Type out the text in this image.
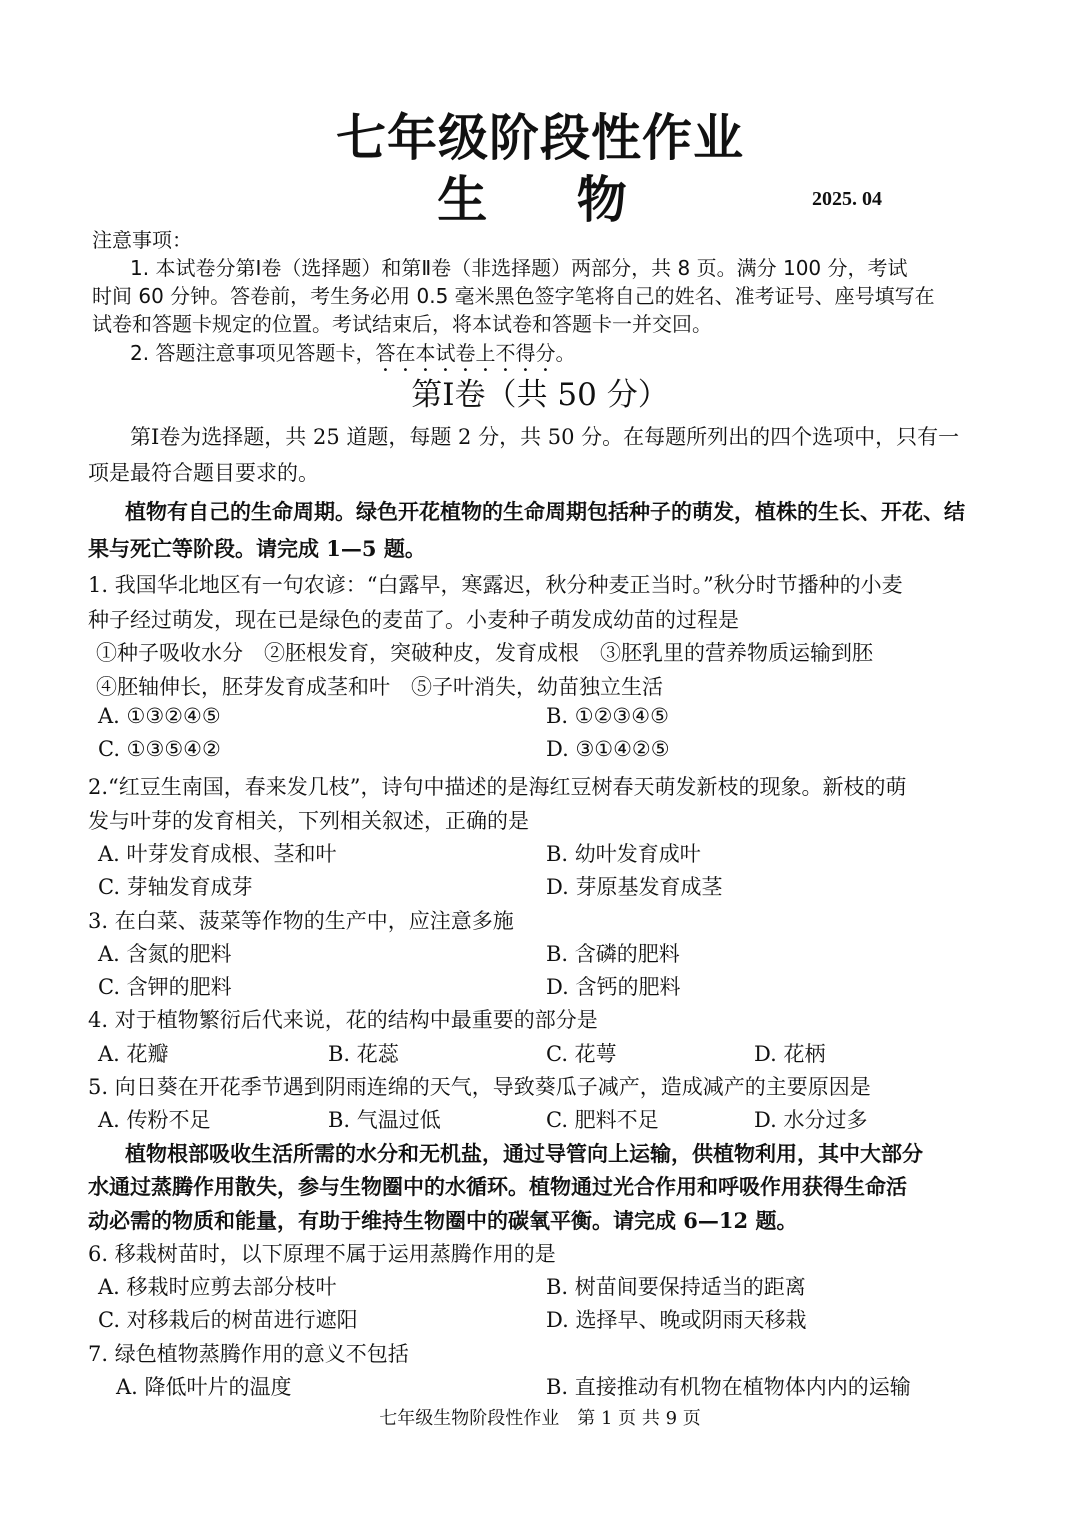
七年级阶段性作业
生 物	2025. 04
注意事项：
1. 本试卷分第Ⅰ卷（选择题）和第Ⅱ卷（非选择题）两部分，共 8 页。满分 100 分，考试
时间 60 分钟。答卷前，考生务必用 0.5 毫米黑色签字笔将自己的姓名、准考证号、座号填写在
试卷和答题卡规定的位置。考试结束后，将本试卷和答题卡一并交回。
2. 答题注意事项见答题卡，答在本试卷上不得分。
第Ⅰ卷（共 50 分）
第Ⅰ卷为选择题，共 25 道题，每题 2 分，共 50 分。在每题所列出的四个选项中，只有一
项是最符合题目要求的。
植物有自己的生命周期。绿色开花植物的生命周期包括种子的萌发，植株的生长、开花、结
果与死亡等阶段。请完成 1—5 题。
1. 我国华北地区有一句农谚：“白露早，寒露迟，秋分种麦正当时。”秋分时节播种的小麦
种子经过萌发，现在已是绿色的麦苗了。小麦种子萌发成幼苗的过程是
①种子吸收水分　②胚根发育，突破种皮，发育成根　③胚乳里的营养物质运输到胚
④胚轴伸长，胚芽发育成茎和叶　⑤子叶消失，幼苗独立生活
A. ①③②④⑤	B. ①②③④⑤
C. ①③⑤④②	D. ③①④②⑤
2.“红豆生南国，春来发几枝”，诗句中描述的是海红豆树春天萌发新枝的现象。新枝的萌
发与叶芽的发育相关，下列相关叙述，正确的是
A. 叶芽发育成根、茎和叶	B. 幼叶发育成叶
C. 芽轴发育成芽	D. 芽原基发育成茎
3. 在白菜、菠菜等作物的生产中，应注意多施
A. 含氮的肥料	B. 含磷的肥料
C. 含钾的肥料	D. 含钙的肥料
4. 对于植物繁衍后代来说，花的结构中最重要的部分是
A. 花瓣	B. 花蕊	C. 花萼	D. 花柄
5. 向日葵在开花季节遇到阴雨连绵的天气，导致葵瓜子减产，造成减产的主要原因是
A. 传粉不足	B. 气温过低	C. 肥料不足	D. 水分过多
植物根部吸收生活所需的水分和无机盐，通过导管向上运输，供植物利用，其中大部分
水通过蒸腾作用散失，参与生物圈中的水循环。植物通过光合作用和呼吸作用获得生命活
动必需的物质和能量，有助于维持生物圈中的碳氧平衡。请完成 6—12 题。
6. 移栽树苗时，以下原理不属于运用蒸腾作用的是
A. 移栽时应剪去部分枝叶	B. 树苗间要保持适当的距离
C. 对移栽后的树苗进行遮阳	D. 选择早、晚或阴雨天移栽
7. 绿色植物蒸腾作用的意义不包括
A. 降低叶片的温度	B. 直接推动有机物在植物体内内的运输
七年级生物阶段性作业　第 1 页 共 9 页
